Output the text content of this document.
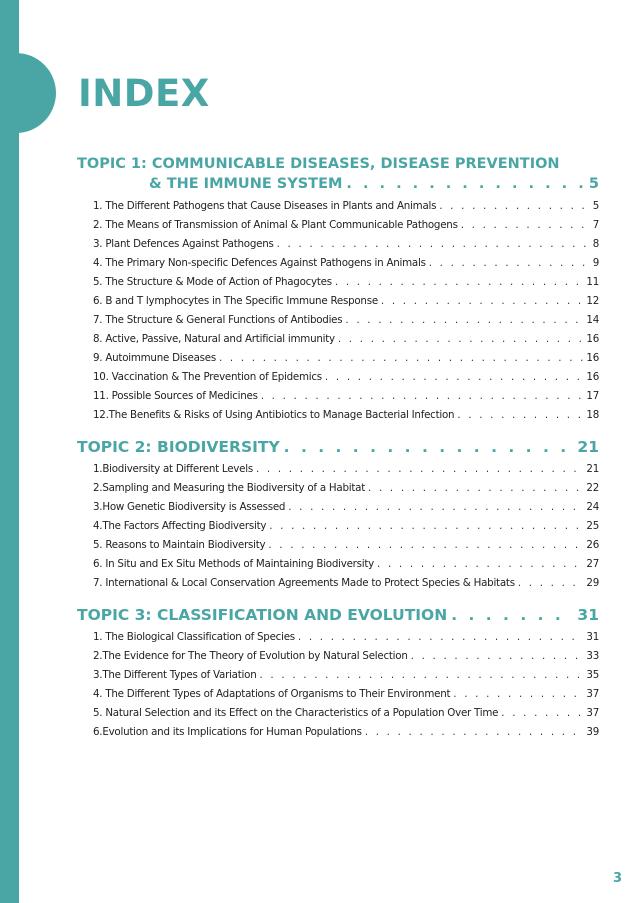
INDEX
TOPIC 1: COMMUNICABLE DISEASES, DISEASE PREVENTION
& THE IMMUNE SYSTEM . . .	5
1. The Different Pathogens that Cause Diseases in Plants and Animals . . .	5
2. The Means of Transmission of Animal & Plant Communicable Pathogens . . .	7
3. Plant Defences Against Pathogens . . .	8
4. The Primary Non-specific Defences Against Pathogens in Animals . . .	9
5. The Structure & Mode of Action of Phagocytes . . .	11
6. B and T lymphocytes in The Specific Immune Response . . .	12
7. The Structure & General Functions of Antibodies . . .	14
8. Active, Passive, Natural and Artificial immunity . . .	16
9. Autoimmune Diseases . . .	16
10. Vaccination & The Prevention of Epidemics . . .	16
11. Possible Sources of Medicines . . .	17
12.The Benefits & Risks of Using Antibiotics to Manage Bacterial Infection . . .	18
TOPIC 2: BIODIVERSITY . . .	21
1.Biodiversity at Different Levels . . .	21
2.Sampling and Measuring the Biodiversity of a Habitat . . .	22
3.How Genetic Biodiversity is Assessed . . .	24
4.The Factors Affecting Biodiversity . . .	25
5. Reasons to Maintain Biodiversity . . .	26
6. In Situ and Ex Situ Methods of Maintaining Biodiversity . . .	27
7. International & Local Conservation Agreements Made to Protect Species & Habitats . . .	29
TOPIC 3: CLASSIFICATION AND EVOLUTION . . .	31
1. The Biological Classification of Species . . .	31
2.The Evidence for The Theory of Evolution by Natural Selection . . .	33
3.The Different Types of Variation . . .	35
4. The Different Types of Adaptations of Organisms to Their Environment . . .	37
5. Natural Selection and its Effect on the Characteristics of a Population Over Time . . .	37
6.Evolution and its Implications for Human Populations . . .	39
3
